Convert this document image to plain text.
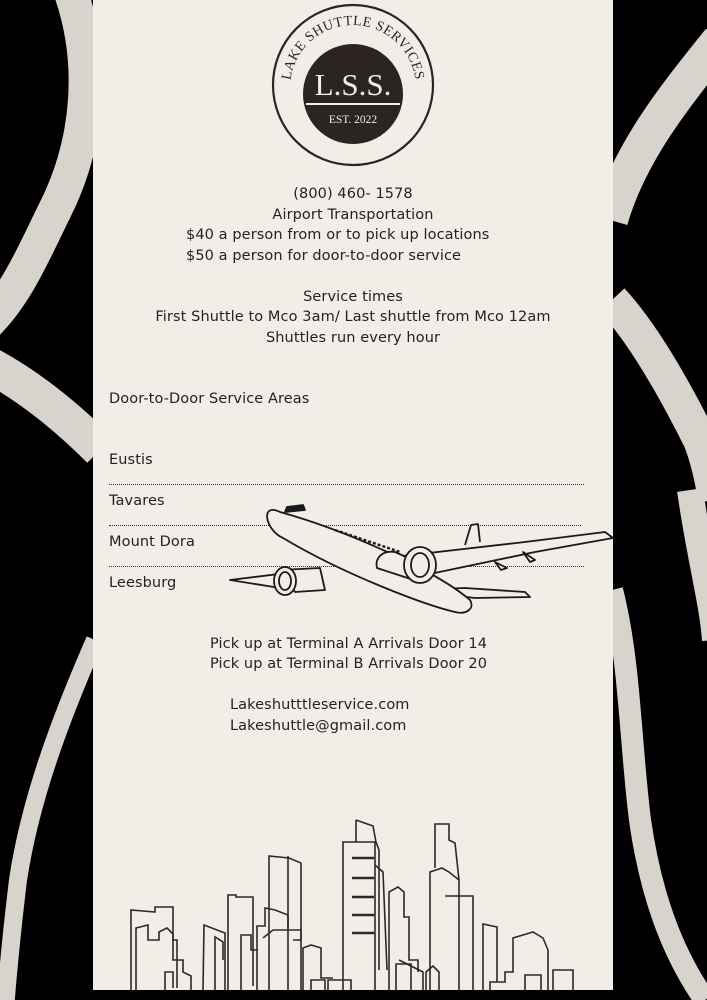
LAKE SHUTTLE SERVICES
L.S.S.
EST. 2022
(800) 460- 1578
Airport Transportation
$40 a person from or to pick up locations
$50 a person for door-to-door service
Service times
First Shuttle to Mco 3am/ Last shuttle from Mco 12am
Shuttles run every hour
Door-to-Door Service Areas
Eustis
Tavares
Mount Dora
Leesburg
Pick up at Terminal A Arrivals Door 14
Pick up at Terminal B Arrivals Door 20
Lakeshutttleservice.com
Lakeshuttle@gmail.com
